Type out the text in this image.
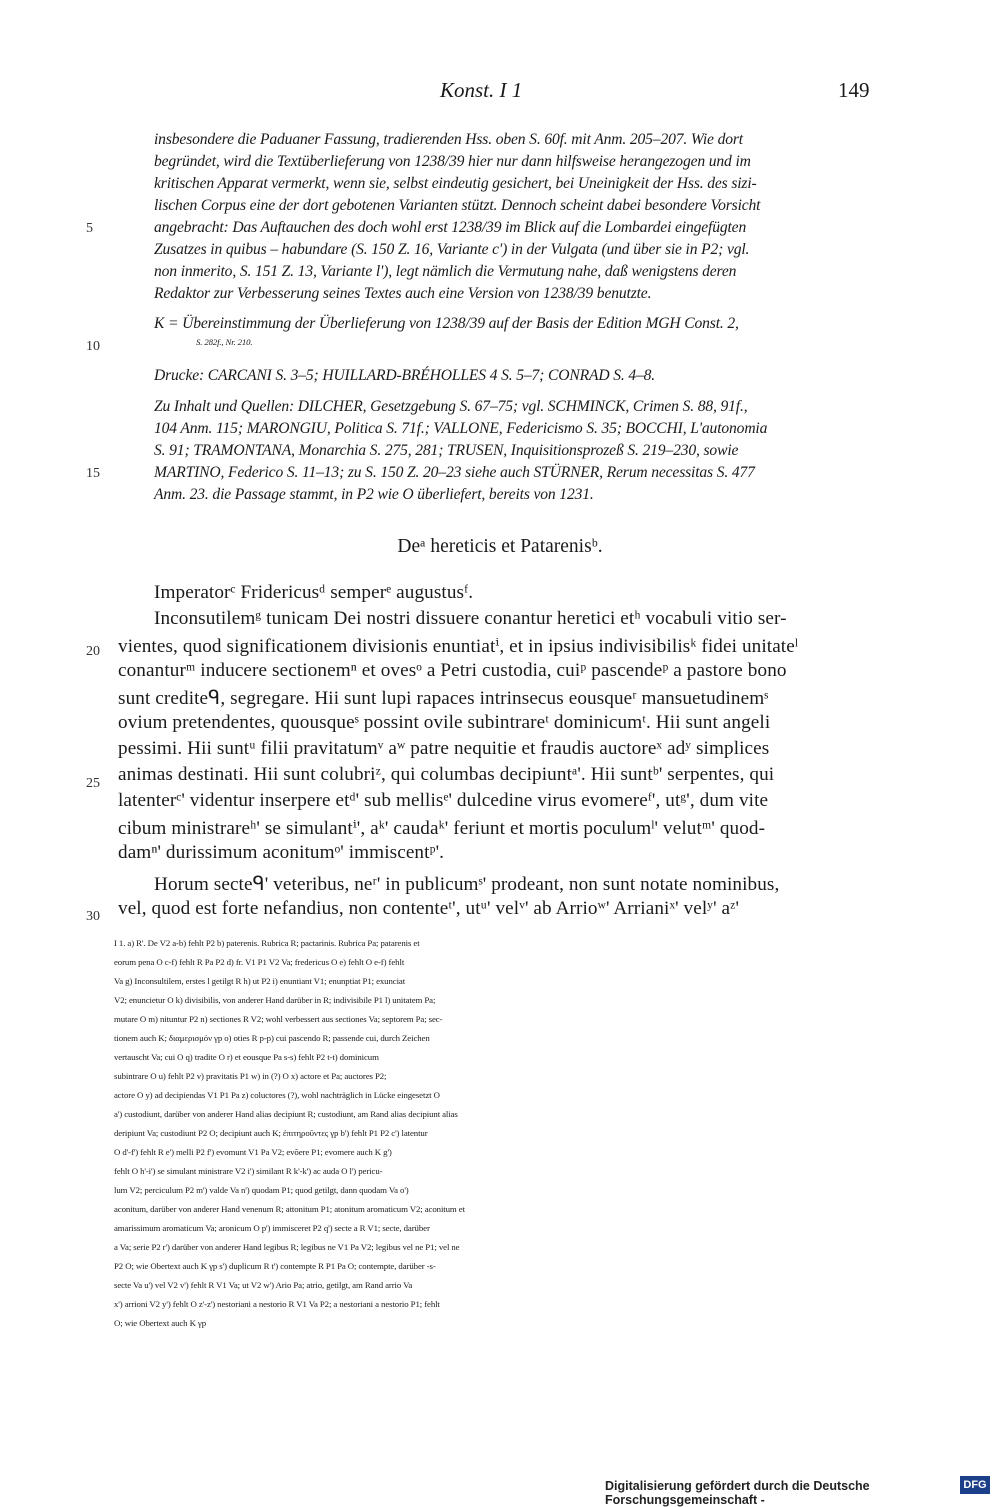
Konst. I 1	149
insbesondere die Paduaner Fassung, tradierenden Hss. oben S. 60f. mit Anm. 205–207. Wie dort
begründet, wird die Textüberlieferung von 1238/39 hier nur dann hilfsweise herangezogen und im
kritischen Apparat vermerkt, wenn sie, selbst eindeutig gesichert, bei Uneinigkeit der Hss. des sizi-
lischen Corpus eine der dort gebotenen Varianten stützt. Dennoch scheint dabei besondere Vorsicht
angebracht: Das Auftauchen des doch wohl erst 1238/39 im Blick auf die Lombardei eingefügten
Zusatzes in quibus – habundare (S. 150 Z. 16, Variante c') in der Vulgata (und über sie in P2; vgl.
non inmerito, S. 151 Z. 13, Variante l'), legt nämlich die Vermutung nahe, daß wenigstens deren
Redaktor zur Verbesserung seines Textes auch eine Version von 1238/39 benutzte.
K = Übereinstimmung der Überlieferung von 1238/39 auf der Basis der Edition MGH Const. 2,
S. 282f., Nr. 210.
Drucke: CARCANI S. 3–5; HUILLARD-BRÉHOLLES 4 S. 5–7; CONRAD S. 4–8.
Zu Inhalt und Quellen: DILCHER, Gesetzgebung S. 67–75; vgl. SCHMINCK, Crimen S. 88, 91f.,
104 Anm. 115; MARONGIU, Politica S. 71f.; VALLONE, Federicismo S. 35; BOCCHI, L'autonomia
S. 91; TRAMONTANA, Monarchia S. 275, 281; TRUSEN, Inquisitionsprozeß S. 219–230, sowie
MARTINO, Federico S. 11–13; zu S. 150 Z. 20–23 siehe auch STÜRNER, Rerum necessitas S. 477
Anm. 23. die Passage stammt, in P2 wie O überliefert, bereits von 1231.
5
10
15
20
25
30
Deᵃ hereticis et Patarenisᵇ.
Imperatorᶜ Fridericusᵈ semperᵉ augustusᶠ.
Inconsutilemᵍ tunicam Dei nostri dissuere conantur heretici etʰ vocabuli vitio ser-
vientes, quod significationem divisionis enuntiatⁱ, et in ipsius indivisibilisᵏ fidei unitateˡ
conanturᵐ inducere sectionemⁿ et ovesᵒ a Petri custodia, cuiᵖ pascendeᵖ a pastore bono
sunt crediteᑫ, segregare. Hii sunt lupi rapaces intrinsecus eousqueʳ mansuetudinemˢ
ovium pretendentes, quousqueˢ possint ovile subintrareᵗ dominicumᵗ. Hii sunt angeli
pessimi. Hii suntᵘ filii pravitatumᵛ aʷ patre nequitie et fraudis auctoreˣ adʸ simplices
animas destinati. Hii sunt colubriᶻ, qui columbas decipiuntᵃ'. Hii suntᵇ' serpentes, qui
latenterᶜ' videntur inserpere etᵈ' sub mellisᵉ' dulcedine virus evomereᶠ', utᵍ', dum vite
cibum ministrareʰ' se simulantⁱ', aᵏ' caudaᵏ' feriunt et mortis poculumˡ' velutᵐ' quod-
damⁿ' durissimum aconitumᵒ' immiscentᵖ'.
Horum secteᑫ' veteribus, neʳ' in publicumˢ' prodeant, non sunt notate nominibus,
vel, quod est forte nefandius, non contenteᵗ', utᵘ' velᵛ' ab Arrioʷ' Arrianiˣ' velʸ' aᶻ'
I 1. a) R'. De V2 a-b) fehlt P2 b) paterenis. Rubrica R; pactarinis. Rubrica Pa; patarenis et
eorum pena O c-f) fehlt R Pa P2 d) fr. V1 P1 V2 Va; fredericus O e) fehlt O e-f) fehlt
Va g) Inconsultilem, erstes l getilgt R h) ut P2 i) enuntiant V1; enunptiat P1; exunciat
V2; enuncietur O k) divisibilis, von anderer Hand darüber in R; indivisibile P1 l) unitatem Pa;
mutare O m) nituntur P2 n) sectiones R V2; wohl verbessert aus sectiones Va; septorem Pa; sec-
tionem auch K; διαμερισμόν γp o) oties R p-p) cui pascendo R; passende cui, durch Zeichen
vertauscht Va; cui O q) tradite O r) et eousque Pa s-s) fehlt P2 t-t) dominicum
subintrare O u) fehlt P2 v) pravitatis P1 w) in (?) O x) actore et Pa; auctores P2;
actore O y) ad decipiendas V1 P1 Pa z) coluctores (?), wohl nachträglich in Lücke eingesetzt O
a') custodiunt, darüber von anderer Hand alias decipiunt R; custodiunt, am Rand alias decipiunt alias
deripiunt Va; custodiunt P2 O; decipiunt auch K; ἐπιτηρoῦντες γp b') fehlt P1 P2 c') latentur
O d'-f') fehlt R e') melli P2 f') evomunt V1 Pa V2; evõere P1; evomere auch K g')
fehlt O h'-i') se simulant ministrare V2 i') similant R k'-k') ac auda O l') pericu-
lum V2; perciculum P2 m') valde Va n') quodam P1; quod getilgt, dann quodam Va o')
aconitum, darüber von anderer Hand venenum R; attonitum P1; atonitum aromaticum V2; aconitum et
amarissimum aromaticum Va; aronicum O p') immisceret P2 q') secte a R V1; secte, darüber
a Va; serie P2 r') darüber von anderer Hand legibus R; legibus ne V1 Pa V2; legibus vel ne P1; vel ne
P2 O; wie Obertext auch K γp s') duplicum R t') contempte R P1 Pa O; contempte, darüber -s-
secte Va u') vel V2 v') fehlt R V1 Va; ut V2 w') Ario Pa; atrio, getilgt, am Rand arrio Va
x') arrioni V2 y') fehlt O z'-z') nestoriani a nestorio R V1 Va P2; a nestoriani a nestorio P1; fehlt
O; wie Obertext auch K γp
Digitalisierung gefördert durch die Deutsche Forschungsgemeinschaft -
DFG
